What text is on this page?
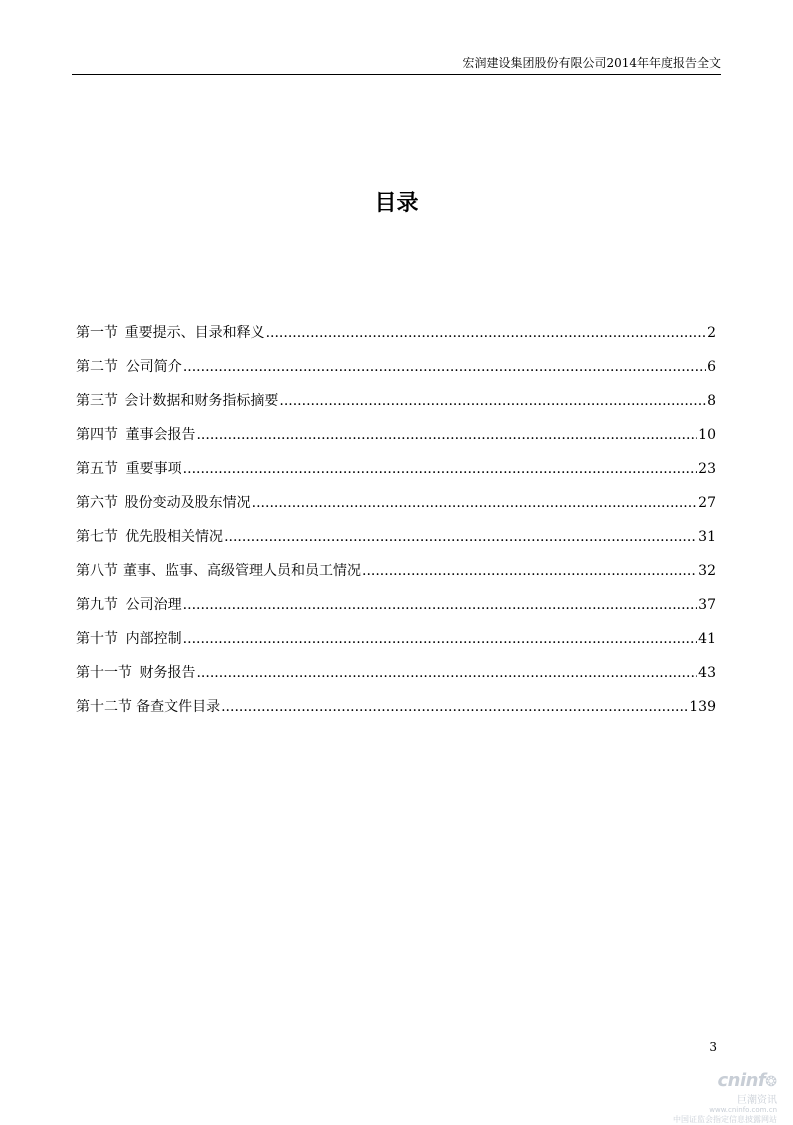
宏润建设集团股份有限公司2014年年度报告全文
目录
第一节 重要提示、目录和释义 .....	2
第二节 公司简介 .....	6
第三节 会计数据和财务指标摘要 .....	8
第四节 董事会报告 .....	10
第五节 重要事项 .....	23
第六节 股份变动及股东情况 .....	27
第七节 优先股相关情况 .....	31
第八节 董事、监事、高级管理人员和员工情况 .....	32
第九节 公司治理 .....	37
第十节 内部控制 .....	41
第十一节 财务报告 .....	43
第十二节 备查文件目录 .....	139
3
cninf❂
巨潮资讯
www.cninfo.com.cn
中国证监会指定信息披露网站
